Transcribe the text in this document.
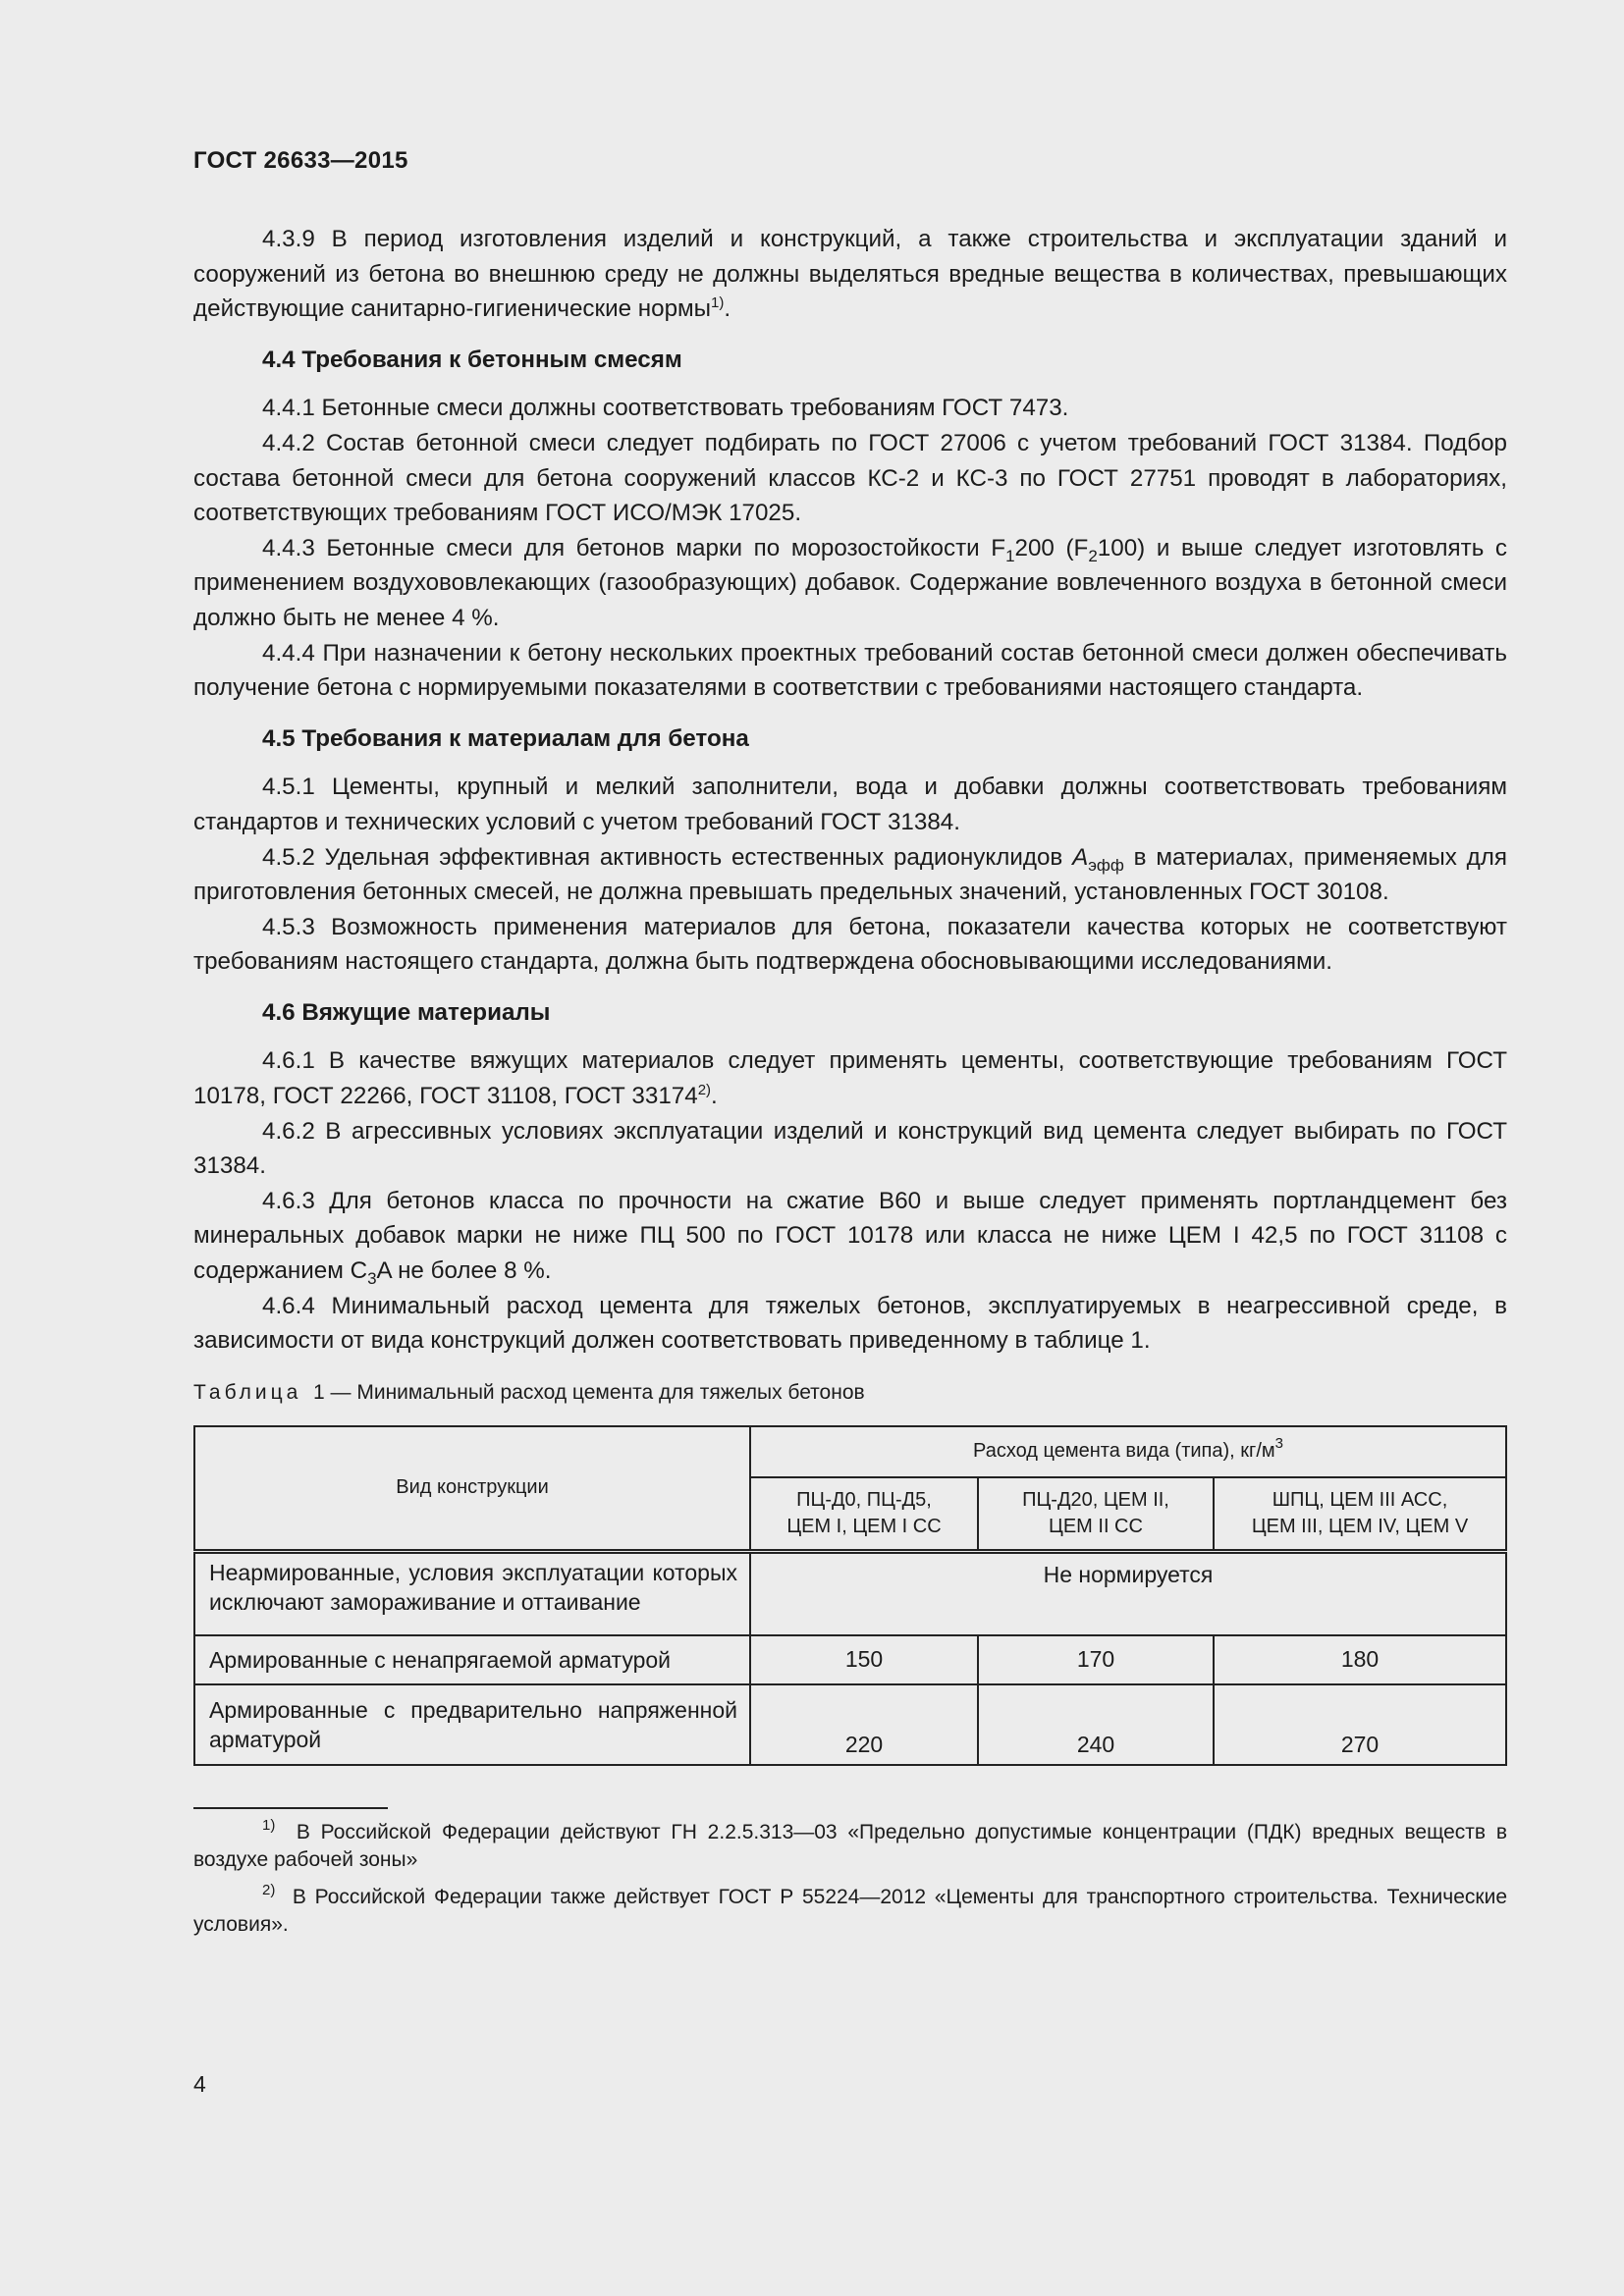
ГОСТ 26633—2015

4.3.9 В период изготовления изделий и конструкций, а также строительства и эксплуатации зданий и сооружений из бетона во внешнюю среду не должны выделяться вредные вещества в количествах, превышающих действующие санитарно-гигиенические нормы$^{1)}$.

4.4 Требования к бетонным смесям

4.4.1 Бетонные смеси должны соответствовать требованиям ГОСТ 7473.

4.4.2 Состав бетонной смеси следует подбирать по ГОСТ 27006 с учетом требований ГОСТ 31384. Подбор состава бетонной смеси для бетона сооружений классов КС-2 и КС-3 по ГОСТ 27751 проводят в лабораториях, соответствующих требованиям ГОСТ ИСО/МЭК 17025.

4.4.3 Бетонные смеси для бетонов марки по морозостойкости $F_1200$ $(F_2100)$ и выше следует изготовлять с применением воздухововлекающих (газообразующих) добавок. Содержание вовлеченного воздуха в бетонной смеси должно быть не менее 4 %.

4.4.4 При назначении к бетону нескольких проектных требований состав бетонной смеси должен обеспечивать получение бетона с нормируемыми показателями в соответствии с требованиями настоящего стандарта.

4.5 Требования к материалам для бетона

4.5.1 Цементы, крупный и мелкий заполнители, вода и добавки должны соответствовать требованиям стандартов и технических условий с учетом требований ГОСТ 31384.

4.5.2 Удельная эффективная активность естественных радионуклидов $A_{эфф}$ в материалах, применяемых для приготовления бетонных смесей, не должна превышать предельных значений, установленных ГОСТ 30108.

4.5.3 Возможность применения материалов для бетона, показатели качества которых не соответствуют требованиям настоящего стандарта, должна быть подтверждена обосновывающими исследованиями.

4.6 Вяжущие материалы

4.6.1 В качестве вяжущих материалов следует применять цементы, соответствующие требованиям ГОСТ 10178, ГОСТ 22266, ГОСТ 31108, ГОСТ 33174$^{2)}$.

4.6.2 В агрессивных условиях эксплуатации изделий и конструкций вид цемента следует выбирать по ГОСТ 31384.

4.6.3 Для бетонов класса по прочности на сжатие В60 и выше следует применять портландцемент без минеральных добавок марки не ниже ПЦ 500 по ГОСТ 10178 или класса не ниже ЦЕМ I 42,5 по ГОСТ 31108 с содержанием $C_3A$ не более 8 %.

4.6.4 Минимальный расход цемента для тяжелых бетонов, эксплуатируемых в неагрессивной среде, в зависимости от вида конструкций должен соответствовать приведенному в таблице 1.

Таблица 1 — Минимальный расход цемента для тяжелых бетонов
Вид конструкции	Расход цемента вида (типа), $кг/м^3$
	ПЦ-Д0, ПЦ-Д5,
ЦЕМ I, ЦЕМ I СС	ПЦ-Д20, ЦЕМ II,
ЦЕМ II СС	ШПЦ, ЦЕМ III АСС,
ЦЕМ III, ЦЕМ IV, ЦЕМ V
Неармированные, условия эксплуатации которых исключают замораживание и оттаивание	Не нормируется		
Армированные с ненапрягаемой арматурой	150	170	180
Армированные с предварительно напряженной арматурой	220	240	270

$^{1)}$ В Российской Федерации действуют ГН 2.2.5.313—03 «Предельно допустимые концентрации (ПДК) вредных веществ в воздухе рабочей зоны»

$^{2)}$ В Российской Федерации также действует ГОСТ Р 55224—2012 «Цементы для транспортного строительства. Технические условия».

4
